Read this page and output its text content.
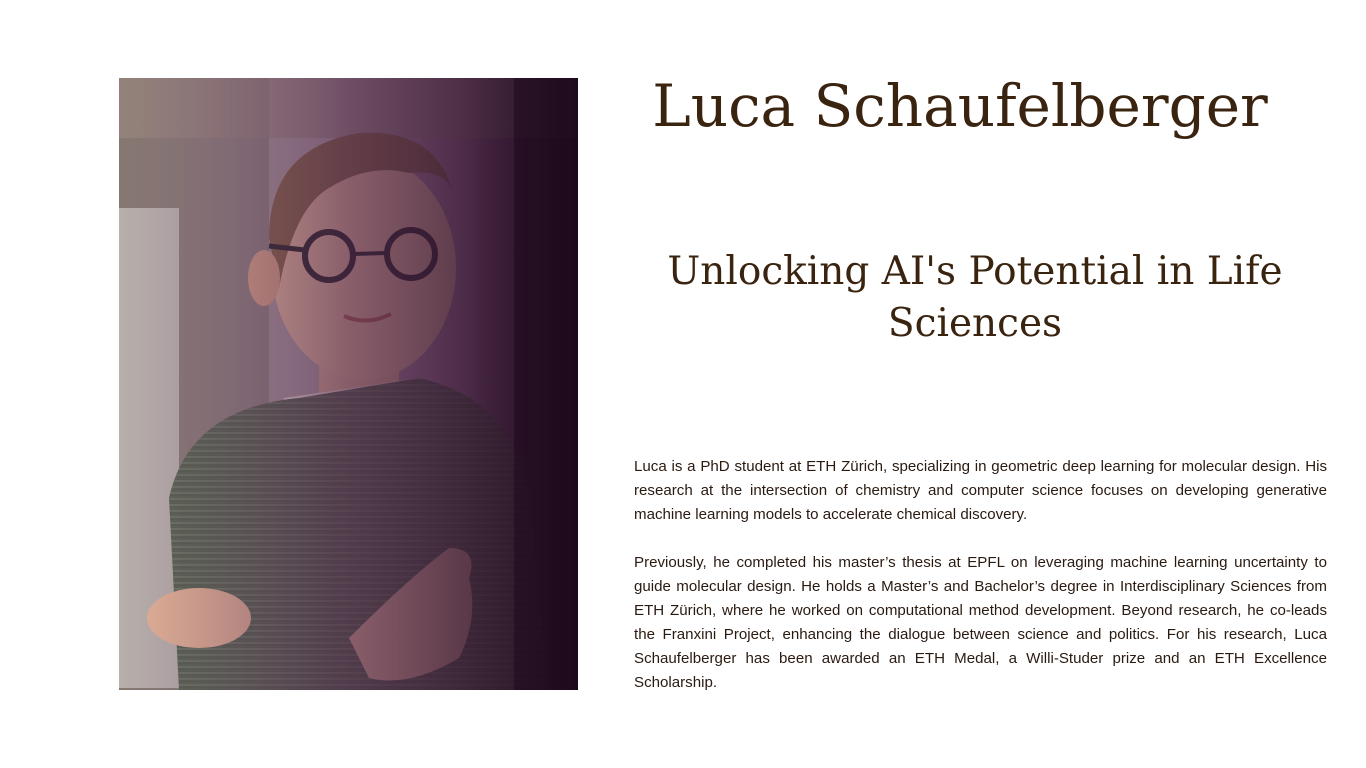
Luca Schaufelberger
Unlocking AI's Potential in Life Sciences

Luca is a PhD student at ETH Zürich, specializing in geometric deep learning for molecular design. His research at the intersection of chemistry and computer science focuses on developing generative machine learning models to accelerate chemical discovery.

Previously, he completed his master’s thesis at EPFL on leveraging machine learning uncertainty to guide molecular design. He holds a Master’s and Bachelor’s degree in Interdisciplinary Sciences from ETH Zürich, where he worked on computational method development. Beyond research, he co-leads the Franxini Project, enhancing the dialogue between science and politics. For his research, Luca Schaufelberger has been awarded an ETH Medal, a Willi-Studer prize and an ETH Excellence Scholarship.
